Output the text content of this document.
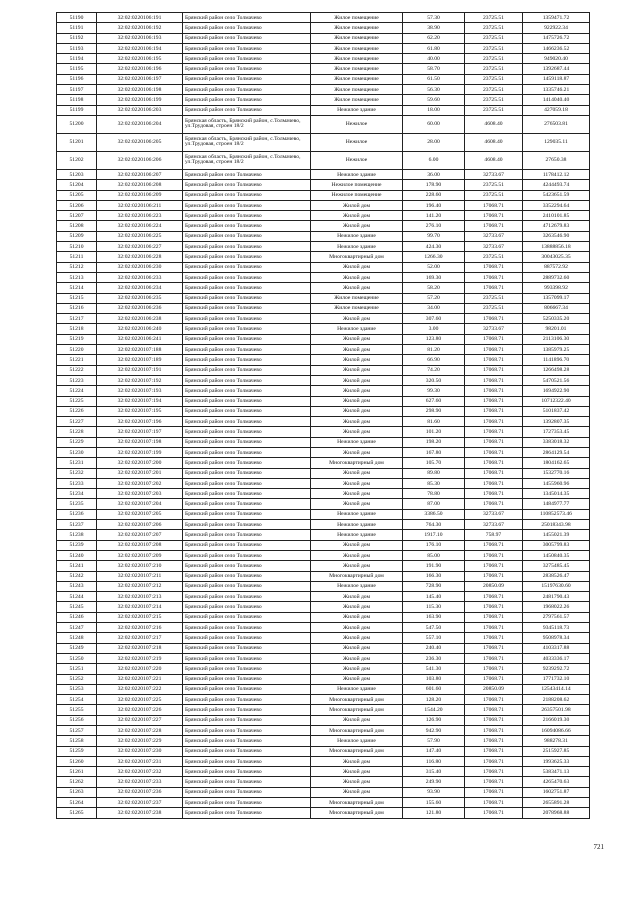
51190	32:02:0220106:191	Брянский район село Толмачево	Жилое помещение	57.30	23725.51	1359471.72
51191	32:02:0220106:192	Брянский район село Толмачево	Жилое помещение	38.90	23725.51	922922.34
51192	32:02:0220106:193	Брянский район село Толмачево	Жилое помещение	62.20	23725.51	1475726.72
51193	32:02:0220106:194	Брянский район село Толмачево	Жилое помещение	61.80	23725.51	1466236.52
51194	32:02:0220106:195	Брянский район село Толмачево	Жилое помещение	40.00	23725.51	949020.40
51195	32:02:0220106:196	Брянский район село Толмачево	Жилое помещение	58.70	23725.51	1392687.44
51196	32:02:0220106:197	Брянский район село Толмачево	Жилое помещение	61.50	23725.51	1459118.87
51197	32:02:0220106:198	Брянский район село Толмачево	Жилое помещение	56.30	23725.51	1335746.21
51198	32:02:0220106:199	Брянский район село Толмачево	Жилое помещение	59.60	23725.51	1414040.40
51199	32:02:0220106:203	Брянский район село Толмачево	Нежилое здание	18.00	23725.51	427059.18
51200	32:02:0220106:204	Брянская область, Брянский район, с.Толмачево, ул.Трудовая, строен 18/2	Нежилое	60.00	4608.40	276503.81
51201	32:02:0220106:205	Брянская область, Брянский район, с.Толмачево, ул.Трудовая, строен 18/2	Нежилое	28.00	4608.40	129035.11
51202	32:02:0220106:206	Брянская область, Брянский район, с.Толмачево, ул.Трудовая, строен 18/2	Нежилое	6.00	4608.40	27650.38
51203	32:02:0220106:207	Брянский район село Толмачево	Нежилое здание	36.00	32733.67	1178412.12
51204	32:02:0220106:208	Брянский район село Толмачево	Нежилое помещение	178.90	23725.51	4244493.74
51205	32:02:0220106:209	Брянский район село Толмачево	Нежилое помещение	228.60	23725.51	5423651.59
51206	32:02:0220106:211	Брянский район село Толмачево	Жилой дом	196.40	17068.71	3352294.64
51207	32:02:0220106:223	Брянский район село Толмачево	Жилой дом	141.20	17068.71	2410101.85
51208	32:02:0220106:224	Брянский район село Толмачево	Жилой дом	276.10	17068.71	4712679.83
51209	32:02:0220106:225	Брянский район село Толмачево	Нежилое здание	99.70	32733.67	3263546.90
51210	32:02:0220106:227	Брянский район село Толмачево	Нежилое здание	424.30	32733.67	13888856.18
51211	32:02:0220106:228	Брянский район село Толмачево	Многоквартирный дом	1266.30	23725.51	30043025.35
51212	32:02:0220106:230	Брянский район село Толмачево	Жилой дом	52.00	17068.71	887572.92
51213	32:02:0220106:233	Брянский район село Толмачево	Жилой дом	169.30	17068.71	2889732.60
51214	32:02:0220106:234	Брянский район село Толмачево	Жилой дом	58.20	17068.71	993398.92
51215	32:02:0220106:235	Брянский район село Толмачево	Жилое помещение	57.20	23725.51	1357099.17
51216	32:02:0220106:236	Брянский район село Толмачево	Жилое помещение	34.00	23725.51	806667.34
51217	32:02:0220106:238	Брянский район село Толмачево	Жилой дом	307.60	17068.71	5250335.20
51218	32:02:0220106:240	Брянский район село Толмачево	Нежилое здание	3.00	32733.67	98201.01
51219	32:02:0220106:241	Брянский район село Толмачево	Жилой дом	123.80	17068.71	2113106.30
51220	32:02:0220107:188	Брянский район село Толмачево	Жилой дом	81.20	17068.71	1385979.25
51221	32:02:0220107:189	Брянский район село Толмачево	Жилой дом	66.90	17068.71	1141896.70
51222	32:02:0220107:191	Брянский район село Толмачево	Жилой дом	74.20	17068.71	1266498.28
51223	32:02:0220107:192	Брянский район село Толмачево	Жилой дом	320.50	17068.71	5470521.56
51224	32:02:0220107:193	Брянский район село Толмачево	Жилой дом	99.30	17068.71	1694922.90
51225	32:02:0220107:194	Брянский район село Толмачево	Жилой дом	627.60	17068.71	10712322.40
51226	32:02:0220107:195	Брянский район село Толмачево	Жилой дом	298.90	17068.71	5101837.42
51227	32:02:0220107:196	Брянский район село Толмачево	Жилой дом	81.60	17068.71	1392807.35
51228	32:02:0220107:197	Брянский район село Толмачево	Жилой дом	101.20	17068.71	1727353.45
51229	32:02:0220107:198	Брянский район село Толмачево	Нежилое здание	198.20	17068.71	3383018.32
51230	32:02:0220107:199	Брянский район село Толмачево	Жилой дом	167.80	17068.71	2864129.54
51231	32:02:0220107:200	Брянский район село Толмачево	Многоквартирный дом	105.70	17068.71	1804162.65
51232	32:02:0220107:201	Брянский район село Толмачево	Жилой дом	89.80	17068.71	1532770.16
51233	32:02:0220107:202	Брянский район село Толмачево	Жилой дом	85.30	17068.71	1455960.96
51234	32:02:0220107:203	Брянский район село Толмачево	Жилой дом	78.80	17068.71	1345014.35
51235	32:02:0220107:204	Брянский район село Толмачево	Жилой дом	87.00	17068.71	1484977.77
51236	32:02:0220107:205	Брянский район село Толмачево	Нежилое здание	3386.50	32733.67	110852573.46
51237	32:02:0220107:206	Брянский район село Толмачево	Нежилое здание	764.30	32733.67	25018343.98
51238	32:02:0220107:207	Брянский район село Толмачево	Нежилое здание	1917.10	758.97	1455021.39
51239	32:02:0220107:208	Брянский район село Толмачево	Жилой дом	176.10	17068.71	3005799.83
51240	32:02:0220107:209	Брянский район село Толмачево	Жилой дом	85.00	17068.71	1450840.35
51241	32:02:0220107:210	Брянский район село Толмачево	Жилой дом	191.90	17068.71	3275485.45
51242	32:02:0220107:211	Брянский район село Толмачево	Многоквартирный дом	166.30	17068.71	2838526.47
51243	32:02:0220107:212	Брянский район село Толмачево	Нежилое здание	728.90	20850.09	15197630.60
51244	32:02:0220107:213	Брянский район село Толмачево	Жилой дом	145.40	17068.71	2481790.43
51245	32:02:0220107:214	Брянский район село Толмачево	Жилой дом	115.30	17068.71	1968022.26
51246	32:02:0220107:215	Брянский район село Толмачево	Жилой дом	163.90	17068.71	2797561.57
51247	32:02:0220107:216	Брянский район село Толмачево	Жилой дом	547.50	17068.71	9345118.73
51248	32:02:0220107:217	Брянский район село Толмачево	Жилой дом	557.10	17068.71	9508978.34
51249	32:02:0220107:218	Брянский район село Толмачево	Жилой дом	240.40	17068.71	4103317.88
51250	32:02:0220107:219	Брянский район село Толмачево	Жилой дом	236.30	17068.71	4033336.17
51251	32:02:0220107:220	Брянский район село Толмачево	Жилой дом	541.30	17068.71	9239292.72
51252	32:02:0220107:221	Брянский район село Толмачево	Жилой дом	103.80	17068.71	1771732.10
51253	32:02:0220107:222	Брянский район село Толмачево	Нежилое здание	601.60	20850.09	12543414.14
51254	32:02:0220107:225	Брянский район село Толмачево	Многоквартирный дом	128.20	17068.71	2188208.62
51255	32:02:0220107:226	Брянский район село Толмачево	Многоквартирный дом	1544.20	17068.71	26357501.98
51256	32:02:0220107:227	Брянский район село Толмачево	Жилой дом	126.90	17068.71	2166019.30
51257	32:02:0220107:228	Брянский район село Толмачево	Многоквартирный дом	942.90	17068.71	16094086.66
51258	32:02:0220107:229	Брянский район село Толмачево	Нежилое здание	57.90	17068.71	988278.31
51259	32:02:0220107:230	Брянский район село Толмачево	Многоквартирный дом	147.40	17068.71	2515927.85
51260	32:02:0220107:231	Брянский район село Толмачево	Жилой дом	116.80	17068.71	1993625.33
51261	32:02:0220107:232	Брянский район село Толмачево	Жилой дом	315.40	17068.71	5383471.13
51262	32:02:0220107:233	Брянский район село Толмачево	Жилой дом	249.90	17068.71	4265470.63
51263	32:02:0220107:236	Брянский район село Толмачево	Жилой дом	93.90	17068.71	1602751.87
51264	32:02:0220107:237	Брянский район село Толмачево	Многоквартирный дом	155.60	17068.71	2655891.28
51265	32:02:0220107:238	Брянский район село Толмачево	Многоквартирный дом	121.80	17068.71	2078968.88
721
